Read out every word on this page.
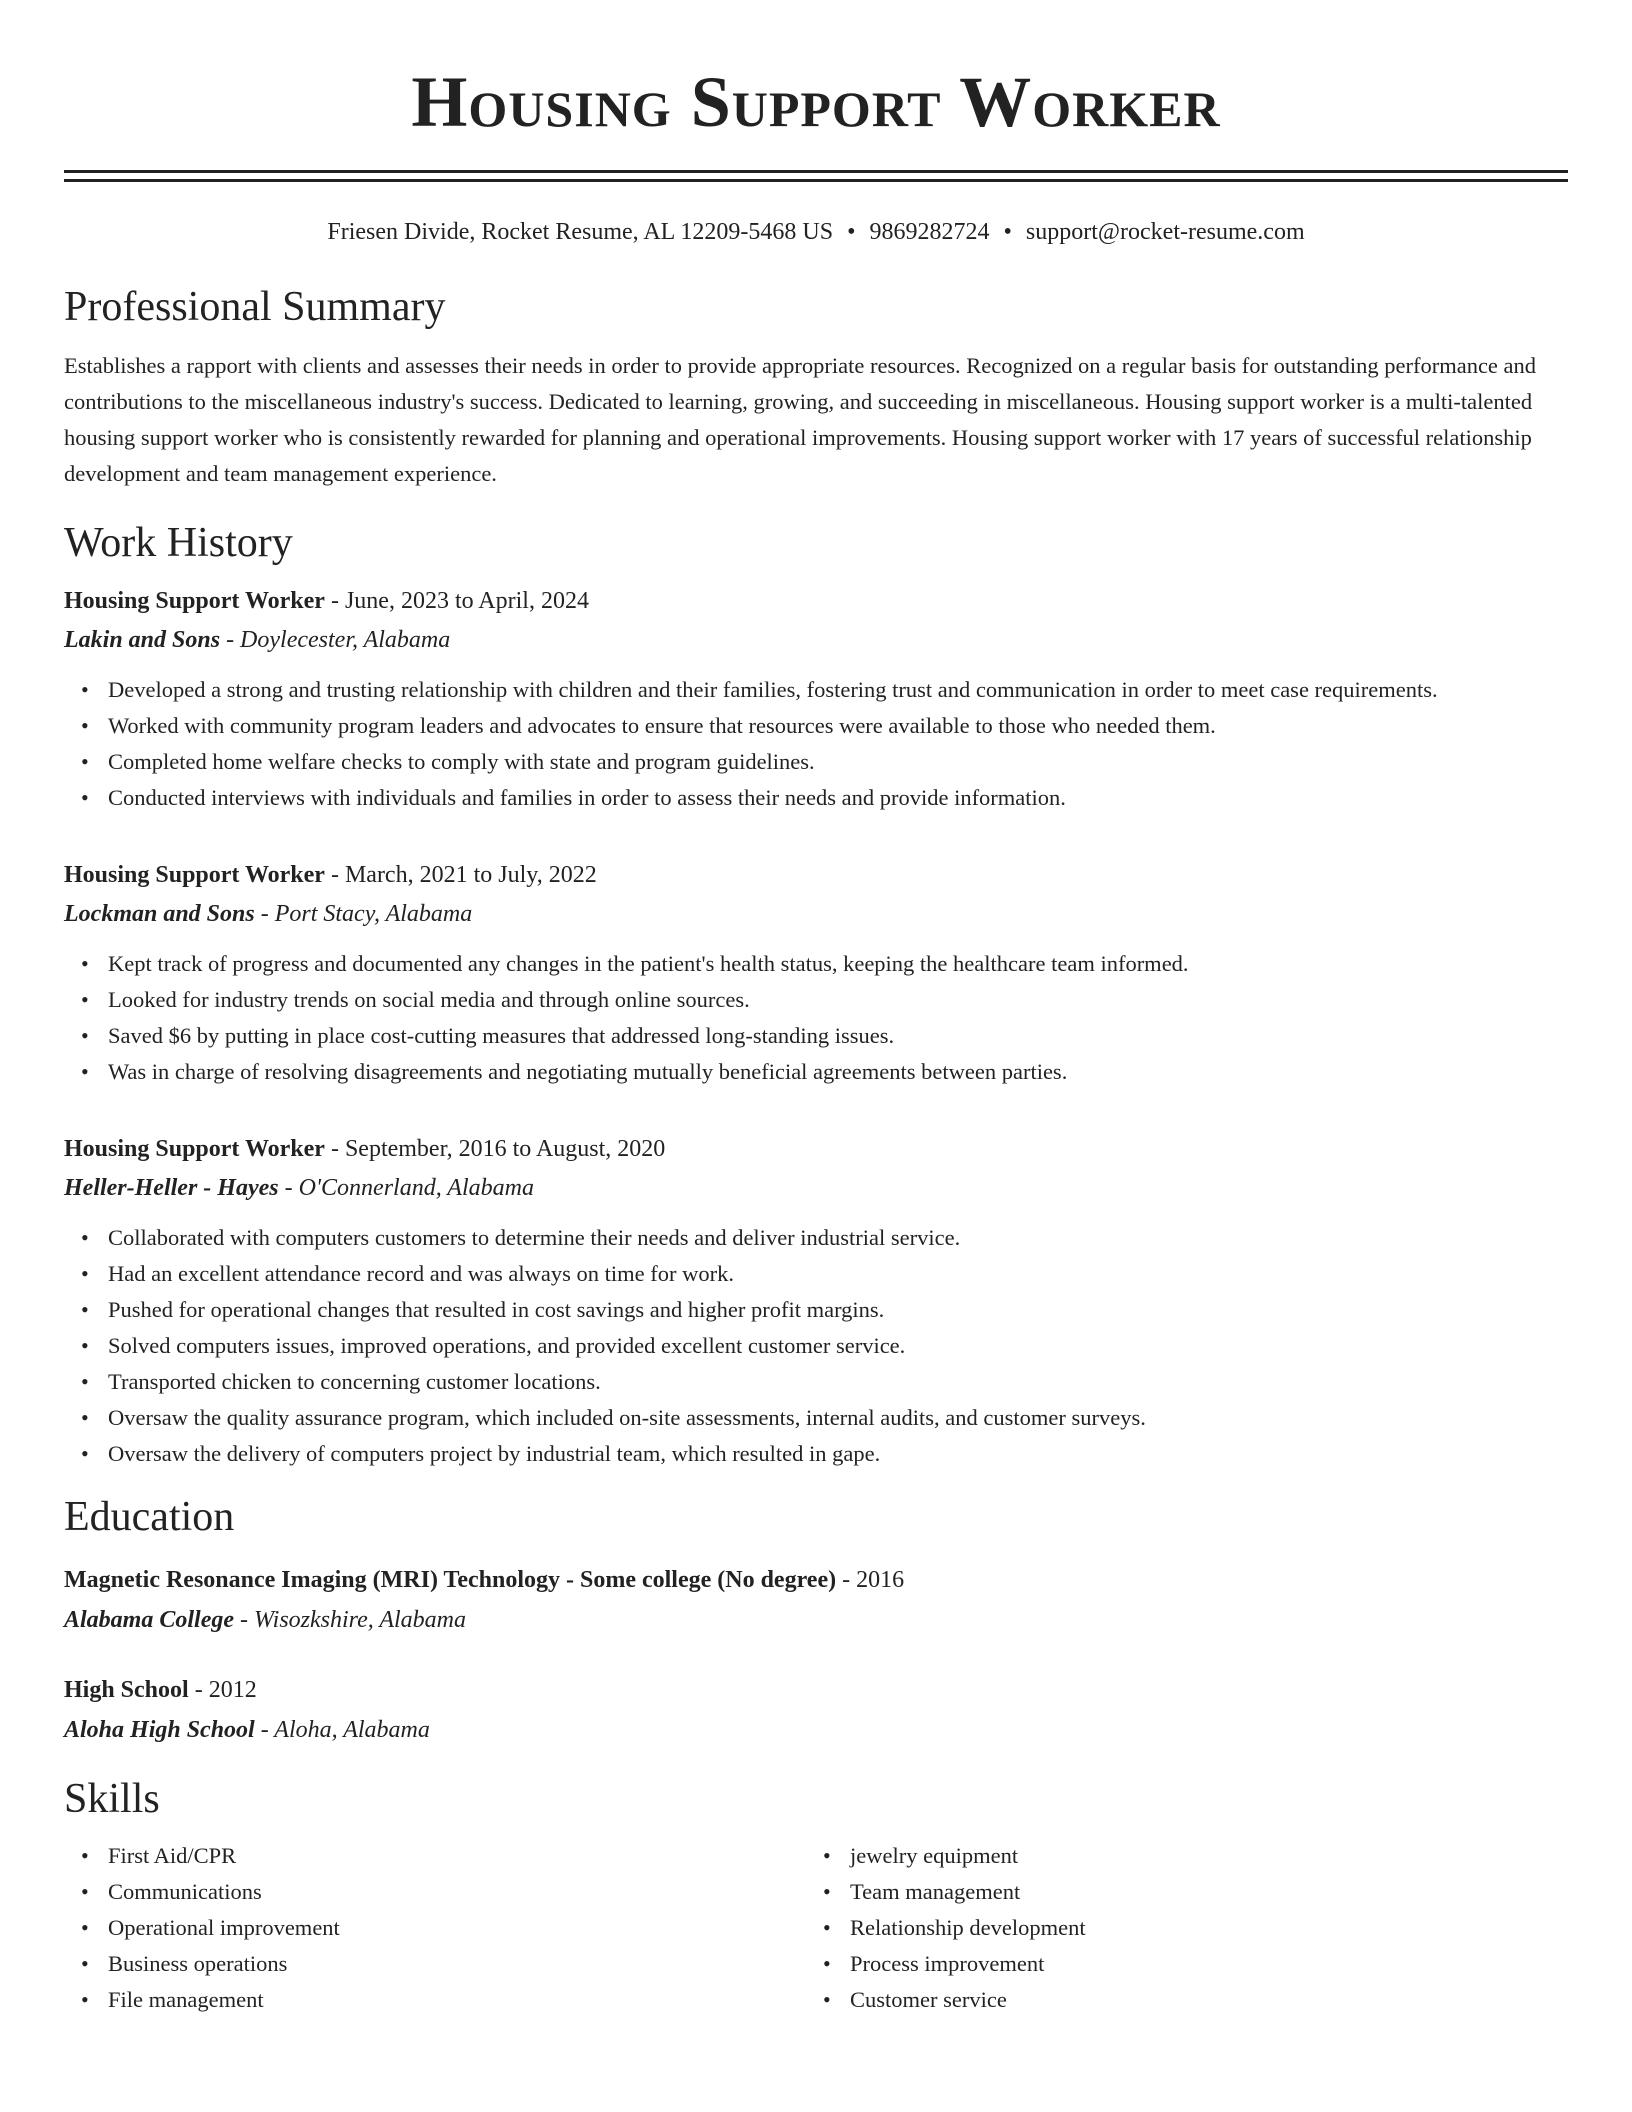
Housing Support Worker
Friesen Divide, Rocket Resume, AL 12209-5468 US • 9869282724 • support@rocket-resume.com
Professional Summary

Establishes a rapport with clients and assesses their needs in order to provide appropriate resources. Recognized on a regular basis for outstanding performance and contributions to the miscellaneous industry's success. Dedicated to learning, growing, and succeeding in miscellaneous. Housing support worker is a multi-talented housing support worker who is consistently rewarded for planning and operational improvements. Housing support worker with 17 years of successful relationship development and team management experience.

Work History
Housing Support Worker - June, 2023 to April, 2024
Lakin and Sons - Doylecester, Alabama
• Developed a strong and trusting relationship with children and their families, fostering trust and communication in order to meet case requirements.
• Worked with community program leaders and advocates to ensure that resources were available to those who needed them.
• Completed home welfare checks to comply with state and program guidelines.
• Conducted interviews with individuals and families in order to assess their needs and provide information.
Housing Support Worker - March, 2021 to July, 2022
Lockman and Sons - Port Stacy, Alabama
• Kept track of progress and documented any changes in the patient's health status, keeping the healthcare team informed.
• Looked for industry trends on social media and through online sources.
• Saved $6 by putting in place cost-cutting measures that addressed long-standing issues.
• Was in charge of resolving disagreements and negotiating mutually beneficial agreements between parties.
Housing Support Worker - September, 2016 to August, 2020
Heller-Heller - Hayes - O'Connerland, Alabama
• Collaborated with computers customers to determine their needs and deliver industrial service.
• Had an excellent attendance record and was always on time for work.
• Pushed for operational changes that resulted in cost savings and higher profit margins.
• Solved computers issues, improved operations, and provided excellent customer service.
• Transported chicken to concerning customer locations.
• Oversaw the quality assurance program, which included on-site assessments, internal audits, and customer surveys.
• Oversaw the delivery of computers project by industrial team, which resulted in gape.
Education
Magnetic Resonance Imaging (MRI) Technology - Some college (No degree) - 2016
Alabama College - Wisozkshire, Alabama
High School - 2012
Aloha High School - Aloha, Alabama
Skills
• First Aid/CPR
• Communications
• Operational improvement
• Business operations
• File management
• jewelry equipment
• Team management
• Relationship development
• Process improvement
• Customer service
